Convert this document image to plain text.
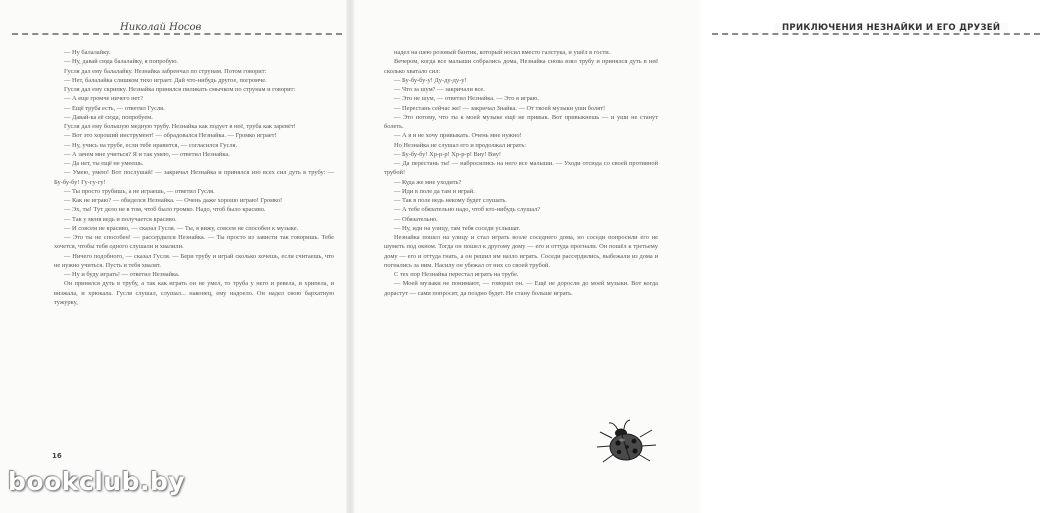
Николай Носов

— Ну балалайку.

— Ну, давай сюда балалайку, я попробую.

Гусля дал ему балалайку. Незнайка забренчал по струнам. Потом говорит:

— Нет, балалайка слишком тихо играет. Дай что-нибудь другое, погромче.

Гусля дал ему скрипку. Незнайка принялся пиликать смычком по струнам и говорит:

— А еще громче ничего нет?

— Ещё труба есть, — ответил Гусля.

— Давай-ка её сюда, попробуем.

Гусля дал ему большую медную трубу. Незнайка как подует в неё, труба как заревёт!

— Вот это хороший инструмент! — обрадовался Незнайка. — Громко играет!

— Ну, учись на трубе, если тебе нравится, — согласился Гусля.

— А зачем мне учиться? Я и так умею, — ответил Незнайка.

— Да нет, ты ещё не умеешь.

— Умею, умею! Вот послушай! — закричал Незнайка и принялся изо всех сил дуть в трубу: — Бу-бу-бу! Гу-гу-гу!

— Ты просто трубишь, а не играешь, — ответил Гусля.

— Как не играю? — обиделся Незнайка. — Очень даже хорошо играю! Громко!

— Эх, ты! Тут дело не в том, чтоб было громко. Надо, чтоб было красиво.

— Так у меня ведь и получается красиво.

— И совсем не красиво, — сказал Гусля. — Ты, я вижу, совсем не способен к музыке.

— Это ты не способен! — рассердился Незнайка. — Ты просто из зависти так говоришь. Тебе хочется, чтобы тебя одного слушали и хвалили.

— Ничего подобного, — сказал Гусля. — Бери трубу и играй сколько хочешь, если считаешь, что не нужно учиться. Пусть и тебя хвалят.

— Ну и буду играть! — ответил Незнайка.

Он принялся дуть в трубу, а так как играть он не умел, то труба у него и ревела, и хрипела, и визжала, и хрюкала. Гусля слушал, слушал... наконец, ему надоело. Он надел свою бархатную тужурку,

16
ПРИКЛЮЧЕНИЯ НЕЗНАЙКИ И ЕГО ДРУЗЕЙ

надел на шею розовый бантик, который носил вместо галстука, и ушёл в гости.

Вечером, когда все малыши собрались дома, Незнайка снова взял трубу и принялся дуть в неё сколько хватало сил:

— Бу-бу-бу-у! Ду-ду-ду-у!

— Что за шум? — закричали все.

— Это не шум, — ответил Незнайка. — Это я играю.

— Перестань сейчас же! — закричал Знайка. — От твоей музыки уши болят!

— Это потому, что ты к моей музыке ещё не привык. Вот привыкнешь — и уши не станут болеть.

— А я и не хочу привыкать. Очень мне нужно!

Но Незнайка не слушал его и продолжал играть:

— Бу-бу-бу! Хр-р-р! Хр-р-р! Виу! Виу!

— Да перестань ты! — набросились на него все малыши. — Уходи отсюда со своей противной трубой!

— Куда же мне уходить?

— Иди в поле да там и играй.

— Так в поле ведь некому будет слушать.

— А тебе обязательно надо, чтоб кто-нибудь слушал?

— Обязательно.

— Ну, иди на улицу, там тебя соседи услышат.

Незнайка пошел на улицу и стал играть возле соседнего дома, но соседи попросили его не шуметь под окном. Тогда он пошел к другому дому — его и оттуда прогнали. Он пошёл к третьему дому — его и оттуда гнать, а он решил им назло играть. Соседи рассердились, выбежали из дома и погнались за ним. Насилу он убежал от них со своей трубой.

С тех пор Незнайка перестал играть на трубе.

— Моей музыки не понимают, — говорил он. — Ещё не доросли до моей музыки. Вот когда дорастут — сами попросят, да поздно будет. Не стану больше играть.

bookclub.by
